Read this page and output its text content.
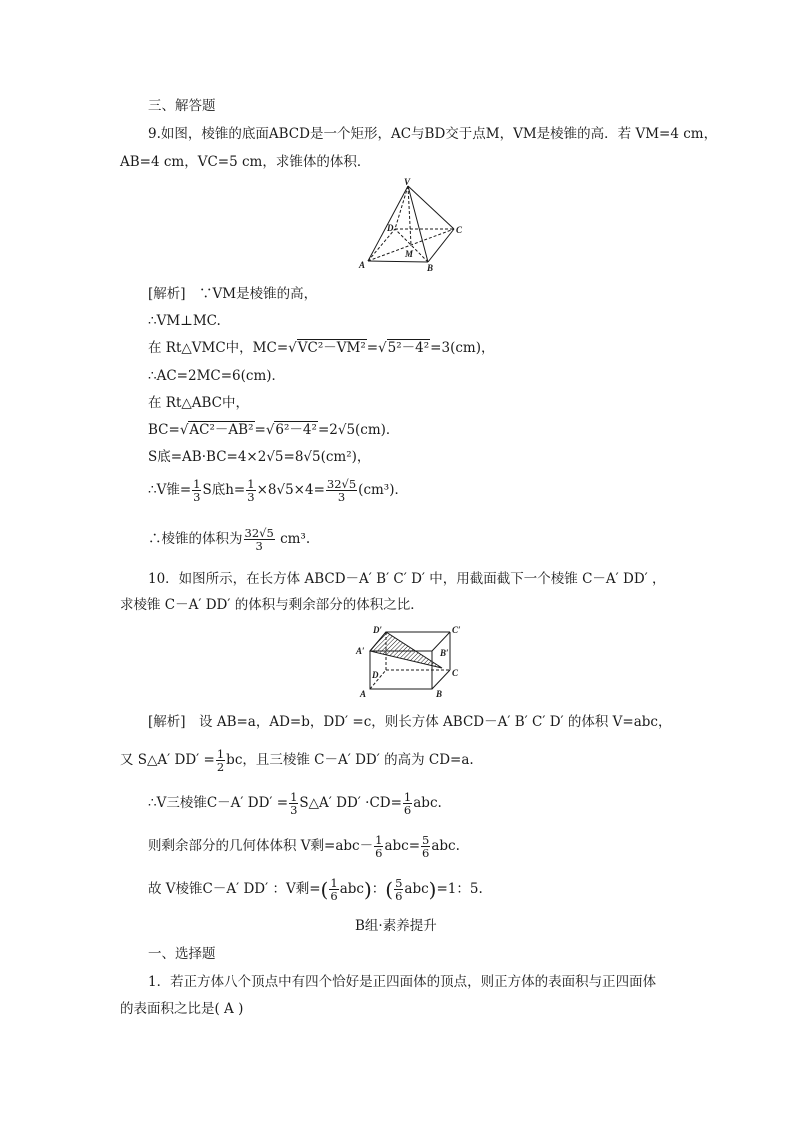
三、解答题
9.如图，棱锥的底面ABCD是一个矩形，AC与BD交于点M，VM是棱锥的高．若 VM=4 cm，
AB=4 cm，VC=5 cm，求锥体的体积．
V
D	C
M
A	B
[解析]　∵VM是棱锥的高，
∴VM⊥MC.
在 Rt△VMC中，MC=√VC²－VM²=√5²－4²=3(cm)，
∴AC=2MC=6(cm)．
在 Rt△ABC中，
BC=√AC²－AB²=√6²－4²=2√5(cm)．
S底=AB·BC=4×2√5=8√5(cm²)，
∴V锥= $\frac{1}{3}$ S底$h= \frac{1}{3} \times 8√5\times 4= \frac{32√5}{3} (cm^3)$．
∴棱锥的体积为 $\frac{32√5}{3} cm^3$.
10．如图所示，在长方体 ABCD－A′ B′ C′ D′ 中，用截面截下一个棱锥 C－A′ DD′ ，
求棱锥 C－A′ DD′ 的体积与剩余部分的体积之比．
D′	C′
A′	B′
D	C
A	B
[解析]　设 AB=a，AD=b，DD′ =c，则长方体 ABCD－A′ B′ C′ D′ 的体积 V=abc，
又 S△A′ $DD' = \frac{1}{2}$ bc，且三棱锥 C－A′ DD′ 的高为 CD=a.
∴V三棱锥C－A′ $DD' = \frac{1}{3}$ S△A′ $DD' \cdot CD= \frac{1}{6}$ abc.
则剩余部分的几何体体积 V剩$=abc- \frac{1}{6} abc= \frac{5}{6}$ abc.
故 V棱锥C－A′ DD′ ：V剩=( $\frac{1}{6} abc$)：( $\frac{5}{6} abc)=1$：5.
B组·素养提升
一、选择题
1．若正方体八个顶点中有四个恰好是正四面体的顶点，则正方体的表面积与正四面体
的表面积之比是( A )
